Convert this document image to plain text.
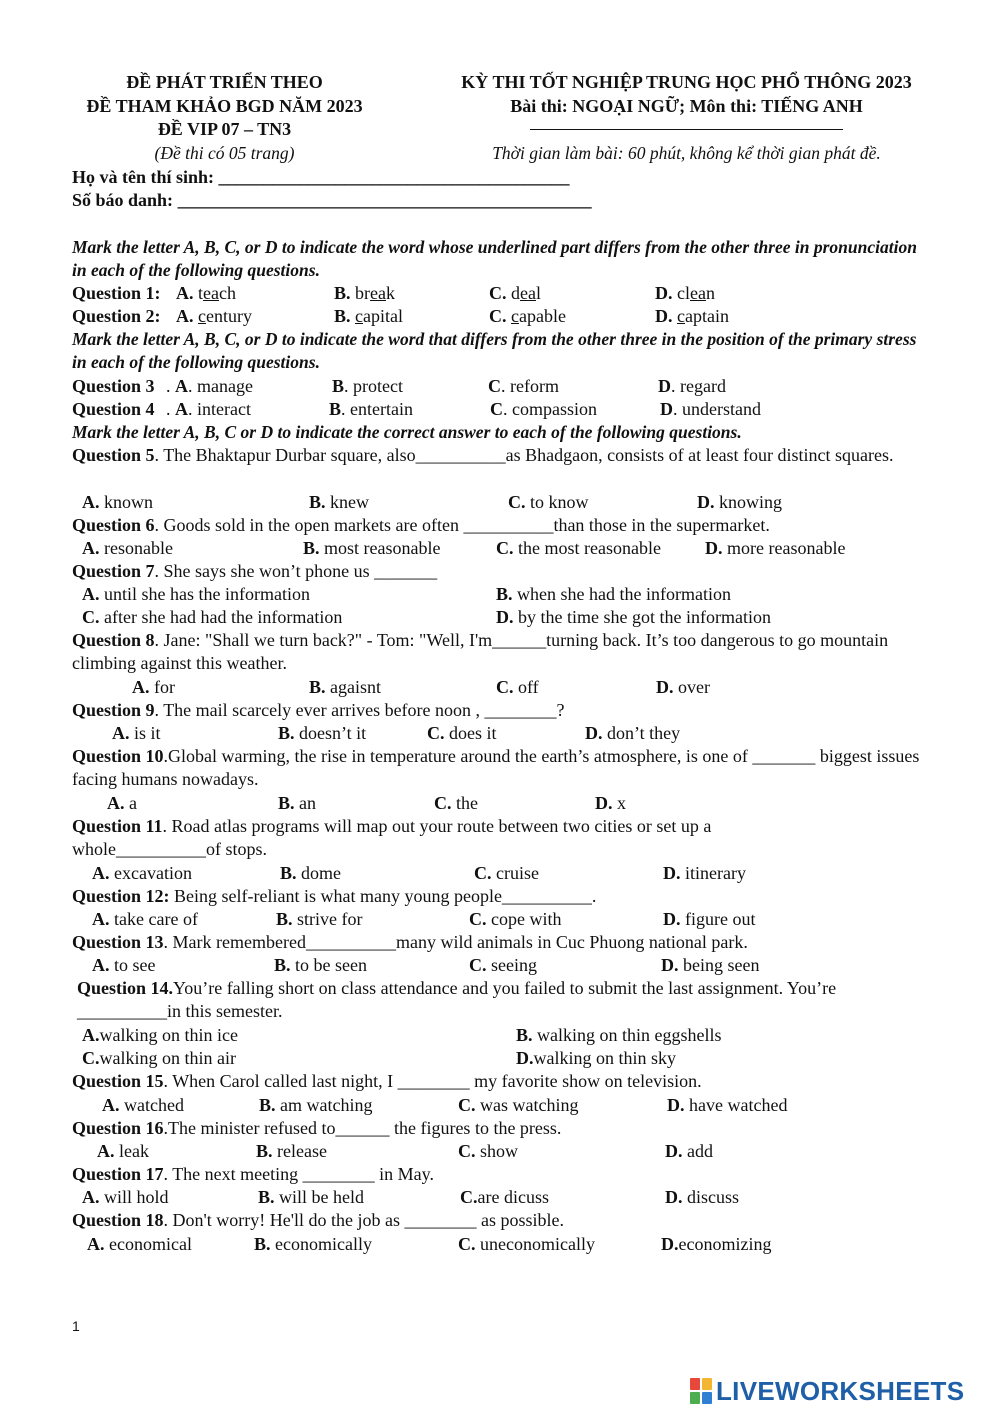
ĐỀ PHÁT TRIỂN THEO
ĐỀ THAM KHẢO BGD NĂM 2023
ĐỀ VIP 07 – TN3
(Đề thi có 05 trang)
KỲ THI TỐT NGHIỆP TRUNG HỌC PHỔ THÔNG 2023
Bài thi: NGOẠI NGỮ; Môn thi: TIẾNG ANH
Thời gian làm bài: 60 phút, không kể thời gian phát đề.
Họ và tên thí sinh: _______________________________________
Số báo danh: ______________________________________________
Mark the letter A, B, C, or D to indicate the word whose underlined part differs from the other three in pronunciation in each of the following questions.
Question 1: A. teach	B. break	C. deal	D. clean
Question 2: A. century	B. capital	C. capable	D. captain
Mark the letter A, B, C, or D to indicate the word that differs from the other three in the position of the primary stress in each of the following questions.
Question 3 . A. manage	B. protect	C. reform	D. regard
Question 4 . A. interact	B. entertain	C. compassion	D. understand
Mark the letter A, B, C or D to indicate the correct answer to each of the following questions.
Question 5. The Bhaktapur Durbar square, also__________as Bhadgaon, consists of at least four distinct squares.
A. known	B. knew	C. to know	D. knowing
Question 6. Goods sold in the open markets are often __________than those in the supermarket.
A. resonable	B. most reasonable	C. the most reasonable D. more reasonable
Question 7. She says she won’t phone us _______
A. until she has the information	B. when she had the information
C. after she had had the information	D. by the time she got the information
Question 8. Jane: "Shall we turn back?" - Tom: "Well, I'm______turning back. It’s too dangerous to go mountain climbing against this weather.
A. for	B. agaisnt	C. off	D. over
Question 9. The mail scarcely ever arrives before noon , ________?
A. is it	B. doesn’t it	C. does it	D. don’t they
Question 10.Global warming, the rise in temperature around the earth’s atmosphere, is one of _______ biggest issues facing humans nowadays.
A. a	B. an	C. the	D. x
Question 11. Road atlas programs will map out your route between two cities or set up a whole__________of stops.
A. excavation	B. dome	C. cruise	D. itinerary
Question 12: Being self-reliant is what many young people__________.
A. take care of	B. strive for	C. cope with	D. figure out
Question 13. Mark remembered__________many wild animals in Cuc Phuong national park.
A. to see	B. to be seen	C. seeing	D. being seen
Question 14.You’re falling short on class attendance and you failed to submit the last assignment. You’re __________in this semester.
A.walking on thin ice	B. walking on thin eggshells
C.walking on thin air	D.walking on thin sky
Question 15. When Carol called last night, I ________ my favorite show on television.
A. watched	B. am watching	C. was watching	D. have watched
Question 16.The minister refused to______ the figures to the press.
A. leak	B. release	C. show	D. add
Question 17. The next meeting ________ in May.
A. will hold	B. will be held	C.are dicuss	D. discuss
Question 18. Don't worry! He'll do the job as ________ as possible.
A. economical	B. economically	C. uneconomically	D.economizing
1
LIVEWORKSHEETS
